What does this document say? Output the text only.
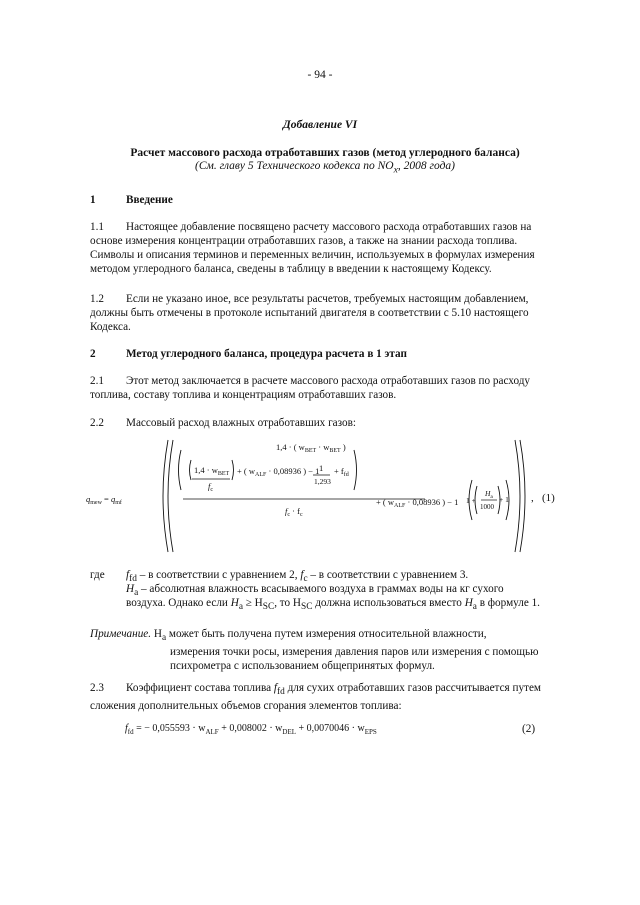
- 94 -
Добавление VI
Расчет массового расхода отработавших газов (метод углеродного баланса)
(См. главу 5 Технического кодекса по $NO_x$, 2008 года)
1	Введение
1.1 Настоящее добавление посвящено расчету массового расхода отработавших газов на
основе измерения концентрации отработавших газов, а также на знании расхода топлива.
Символы и описания терминов и переменных величин, используемых в формулах измерения
методом углеродного баланса, сведены в таблицу в введении к настоящему Кодексу.
1.2 Если не указано иное, все результаты расчетов, требуемых настоящим добавлением,
должны быть отмечены в протоколе испытаний двигателя в соответствии с 5.10 настоящего
Кодекса.
2	Метод углеродного баланса, процедура расчета в 1 этап
2.1 Этот метод заключается в расчете массового расхода отработавших газов по расходу
топлива, составу топлива и концентрациям отработавших газов.
2.2 Массовый расход влажных отработавших газов:
$q_{mew} = q_{mf}$
1,4 · ( $w_{BET} \cdot w_{BET}$ )
$1,4 \cdot w_{BET}$
$f_c$
+ ( $w_{ALF} \cdot 0,08936$ ) − 1 1
1,293
+ $f_{fd}$
$f_c \cdot f_c$
+ ( $w_{ALF} \cdot 0,08936$ ) − 1 1 +
$H_a$
1000
+ 1 , (1)
где $f_{fd}$ – в соответствии с уравнением 2, $f_c$ – в соответствии с уравнением 3.
$H_a$ – абсолютная влажность всасываемого воздуха в граммах воды на кг сухого
воздуха. Однако если $H_a \ge H_{SC}$, то $H_{SC}$ должна использоваться вместо $H_a$ в формуле 1.
Примечание. $H_a$ может быть получена путем измерения относительной влажности,
измерения точки росы, измерения давления паров или измерения с помощью
психрометра с использованием общепринятых формул.
2.3 Коэффициент состава топлива $f_{fd}$ для сухих отработавших газов рассчитывается путем
сложения дополнительных объемов сгорания элементов топлива:
$f_{fd}$ = − $0,055593 \cdot w_{ALF} + 0,008002 \cdot w_{DEL} + 0,0070046 \cdot w_{EPS}$	(2)
